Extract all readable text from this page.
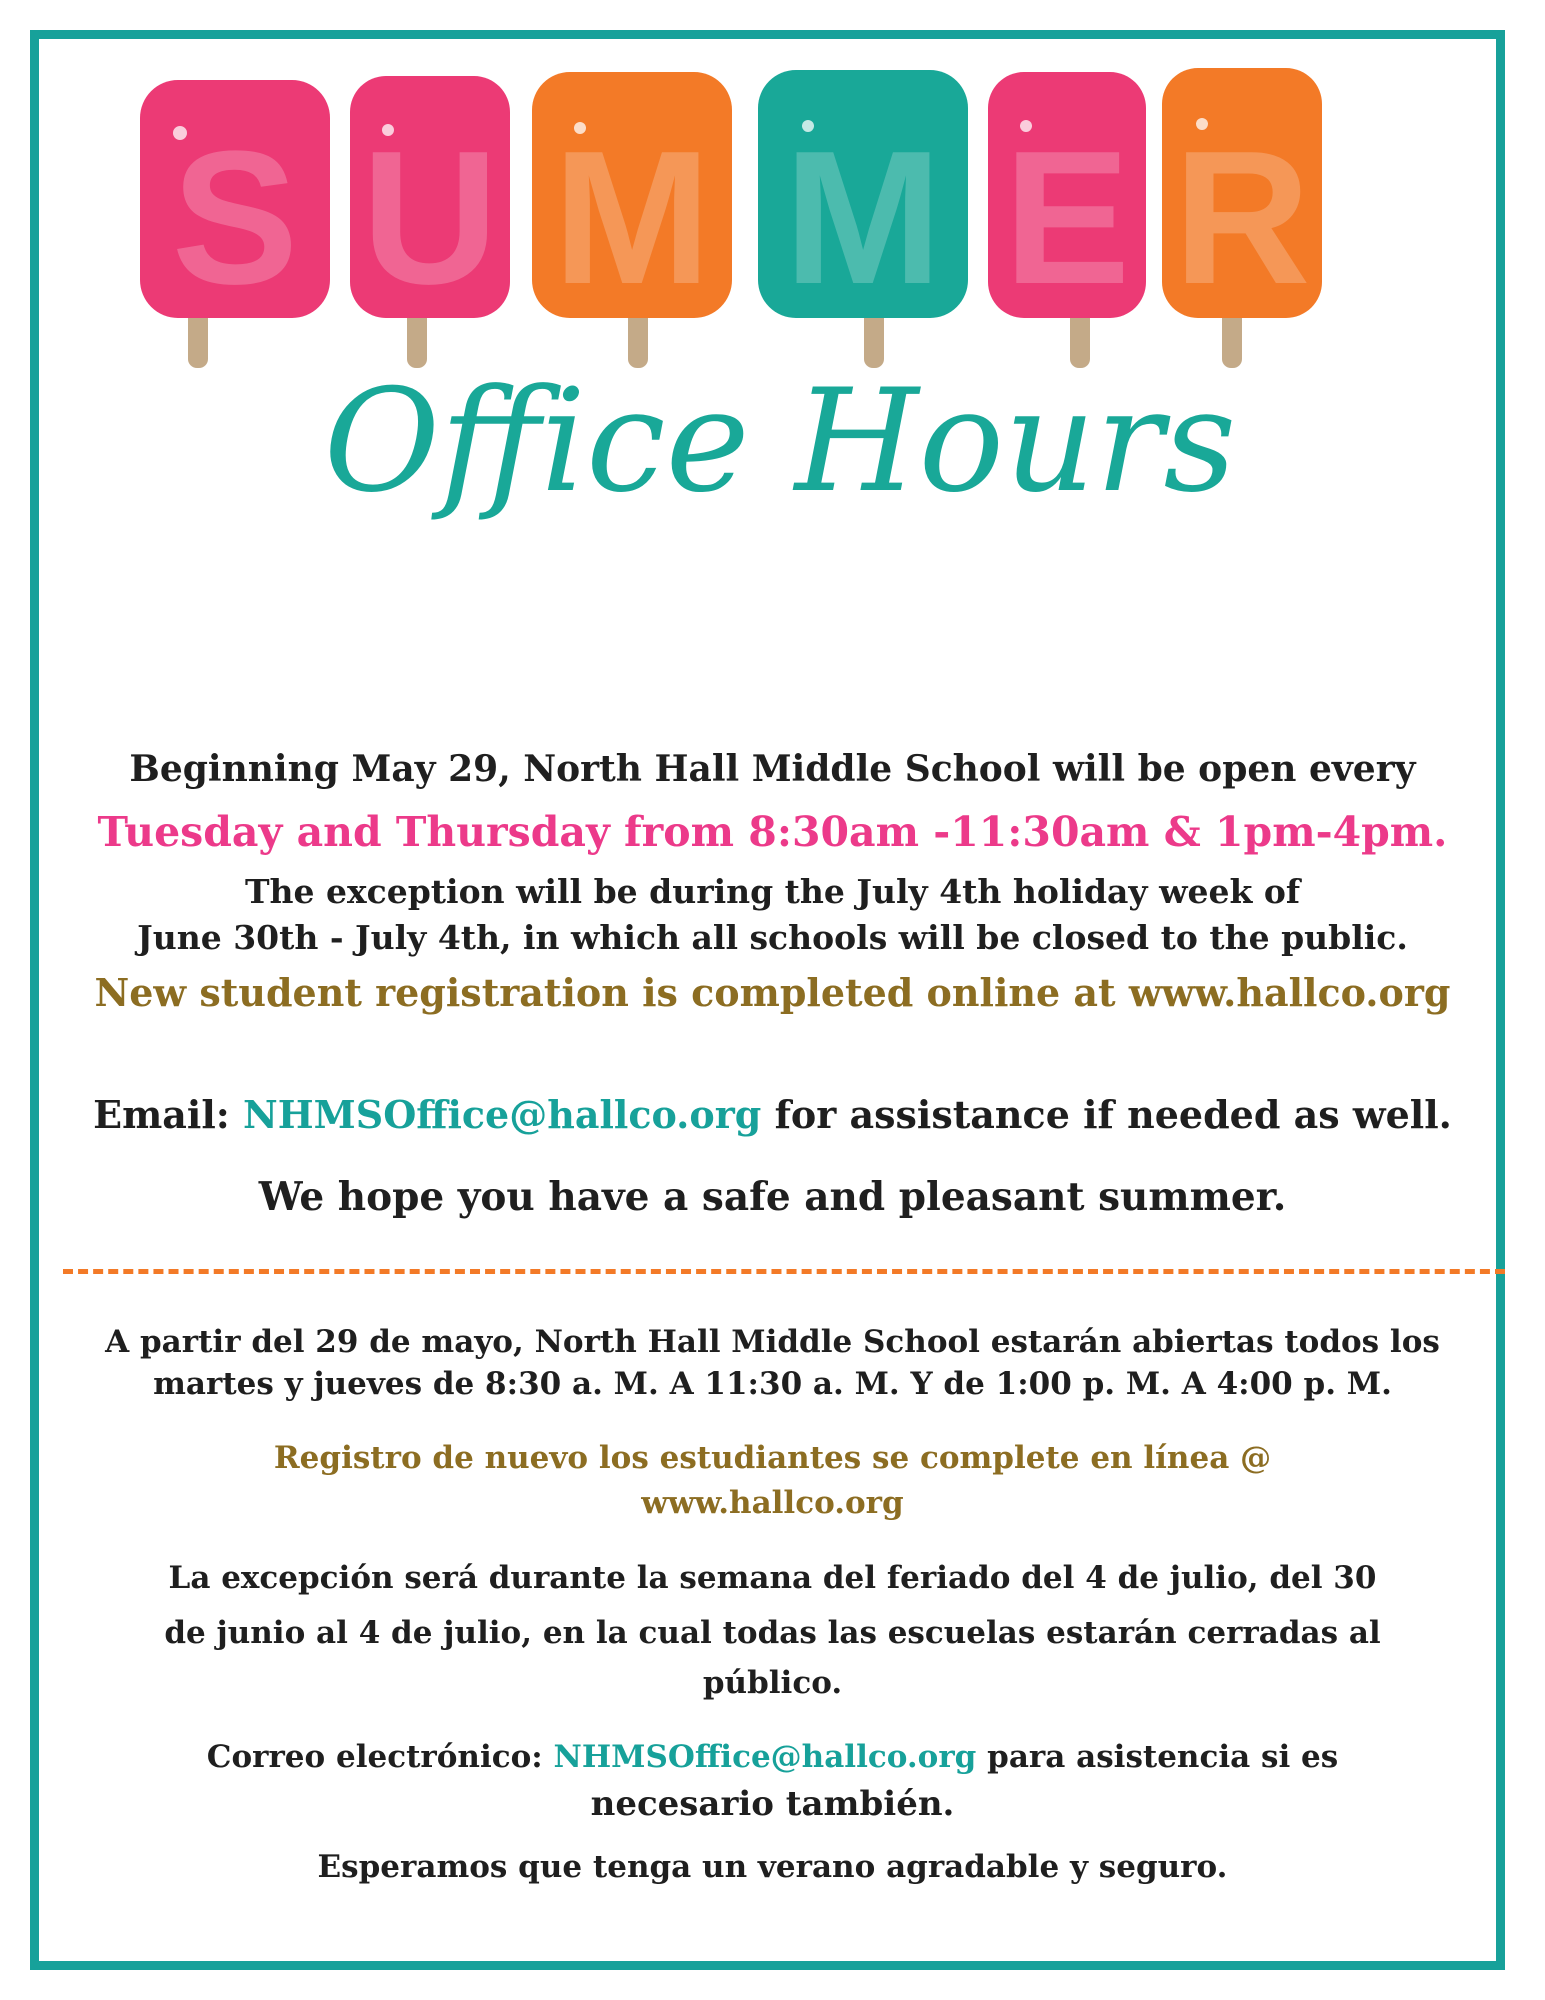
S U M M E R
Office Hours
Beginning May 29, North Hall Middle School will be open every
Tuesday and Thursday from 8:30am -11:30am & 1pm-4pm.
The exception will be during the July 4th holiday week of
June 30th - July 4th, in which all schools will be closed to the public.
New student registration is completed online at www.hallco.org
Email: NHMSOffice@hallco.org for assistance if needed as well.
We hope you have a safe and pleasant summer.
A partir del 29 de mayo, North Hall Middle School estarán abiertas todos los
martes y jueves de 8:30 a. M. A 11:30 a. M. Y de 1:00 p. M. A 4:00 p. M.
Registro de nuevo los estudiantes se complete en línea @
www.hallco.org
La excepción será durante la semana del feriado del 4 de julio, del 30
de junio al 4 de julio, en la cual todas las escuelas estarán cerradas al
público.
Correo electrónico: NHMSOffice@hallco.org para asistencia si es
necesario también.
Esperamos que tenga un verano agradable y seguro.
